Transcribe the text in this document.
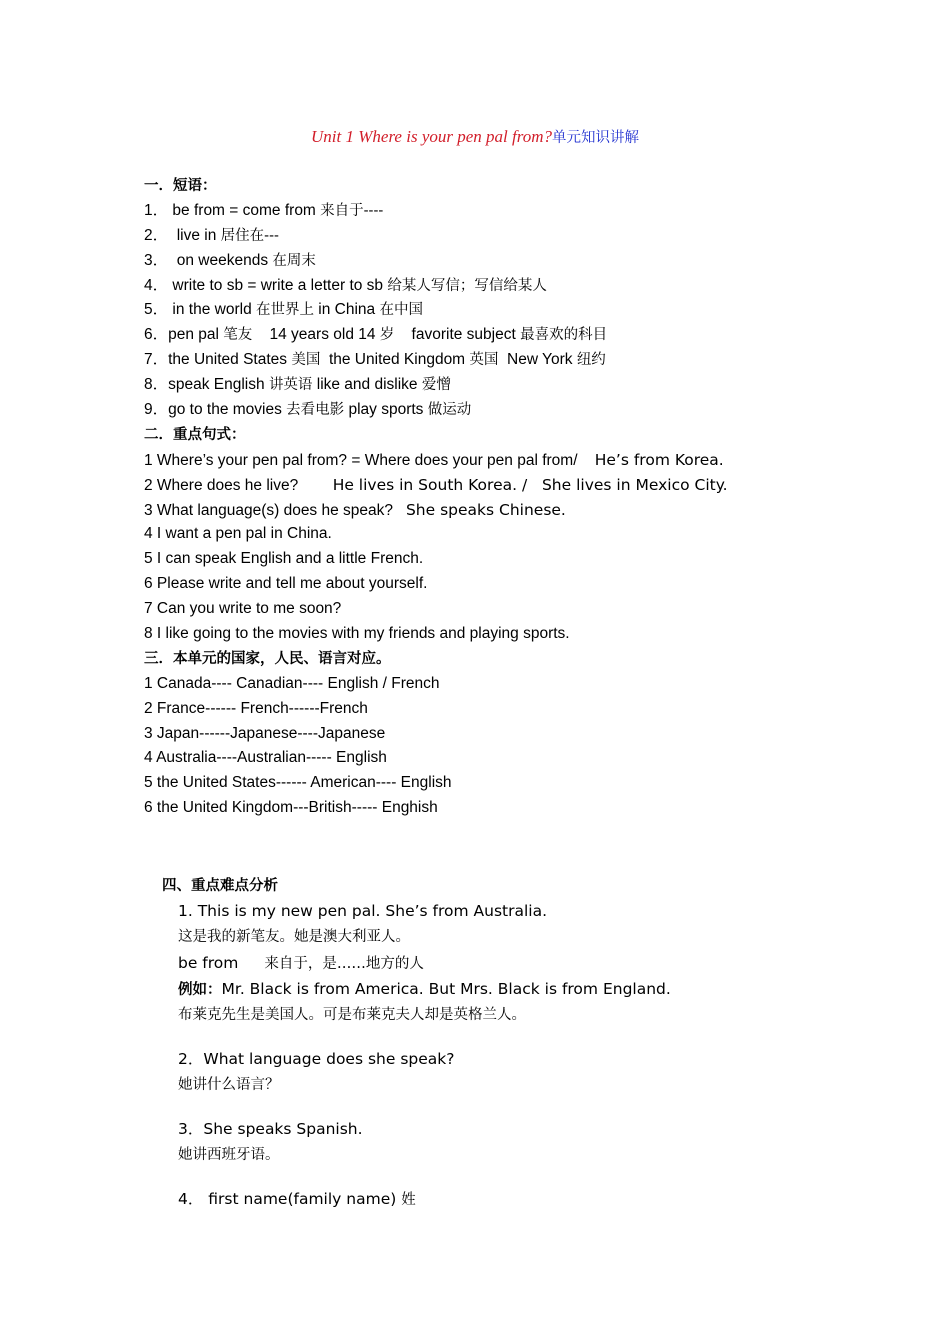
Unit 1 Where is your pen pal from?单元知识讲解
一．短语：
1． be from = come from 来自于----
2．  live in 居住在---
3．  on weekends 在周末
4． write to sb = write a letter to sb 给某人写信；写信给某人
5． in the world 在世界上 in China 在中国
6．pen pal 笔友    14 years old 14 岁    favorite subject 最喜欢的科目
7．the United States 美国  the United Kingdom 英国  New York 纽约
8．speak English 讲英语 like and dislike 爱憎
9．go to the movies 去看电影 play sports 做运动
二．重点句式：
1 Where’s your pen pal from? = Where does your pen pal from/    He’s from Korea.
2 Where does he live?        He lives in South Korea. /   She lives in Mexico City.
3 What language(s) does he speak?   She speaks Chinese.
4 I want a pen pal in China.
5 I can speak English and a little French.
6 Please write and tell me about yourself.
7 Can you write to me soon?
8 I like going to the movies with my friends and playing sports.
三．本单元的国家，人民、语言对应。
1 Canada---- Canadian---- English / French
2 France------ French------French
3 Japan------Japanese----Japanese
4 Australia----Australian----- English
5 the United States------ American---- English
6 the United Kingdom---British----- Enghish
四、重点难点分析
1. This is my new pen pal. She’s from Australia.
这是我的新笔友。她是澳大利亚人。
be from 来自于，是……地方的人
例如：Mr. Black is from America. But Mrs. Black is from England.
布莱克先生是美国人。可是布莱克夫人却是英格兰人。
2．What language does she speak?
她讲什么语言？
3．She speaks Spanish.
她讲西班牙语。
4． first name(family name) 姓
